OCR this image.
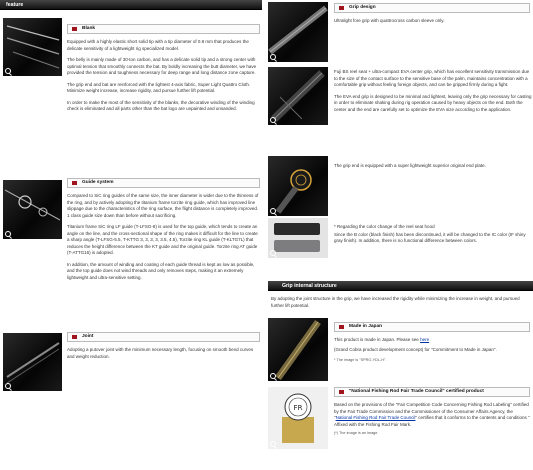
feature
Blank

Equipped with a highly elastic short solid tip with a tip diameter of 0.8 mm that produces the delicate sensitivity of a lightweight rig specialized model.

The belly is mainly made of 30-ton carbon, and has a delicate solid tip and a strong center with optimal tension that smoothly connects the bat. By boldly increasing the butt diameter, we have provided the tension and toughness necessary for deep range and long distance zone capture.

The grip end and bat are reinforced with the lightest 4-axis fabric, Super Light Quattro Cloth. Minimize weight increase, increase rigidity, and pursue further lift potential.

In order to make the most of the sensitivity of the blanks, the decorative winding of the winding check is eliminated and all parts other than the bat logo are unpainted and unsanded.

Guide system

Compared to SiC ring guides of the same size, the inner diameter is wider due to the thinness of the ring, and by actively adopting the titanium frame torzite ring guide, which has improved line slippage due to the characteristics of the ring surface, the flight distance is completely improved. 1 class guide size down than before without sacrificing.

Titanium frame SiC ring LF guide (T-LFSG-8) is used for the top guide, which tends to create an angle on the line, and the cross-sectional shape of the ring makes it difficult for the line to create a sharp angle (T-LFSG-5.5, T-KTTG 3, 3, 3, 3, 3.5, 4.5), Torzite ring KL guide (T-KLTG7L) that reduces the height difference between the KT guide and the original guide. Torzite ring AT guide (T-ATTG16) is adopted.

In addition, the amount of winding and coating of each guide thread is kept as low as possible, and the top guide does not wind threads and only removes steps, making it an extremely lightweight and ultra-sensitive setting.

Joint

Adopting a putover joint with the minimum necessary length, focusing on smooth bend curves and weight reduction.

Grip design

Ultralight fore grip with quattrocross carbon sleeve only.

Fuji BS reel seat + ultra-compact EVA center grip, which has excellent sensitivity transmission due to the size of the contact surface to the sensitive base of the palm, maintains concentration with a comfortable grip without feeling foreign objects, and can be gripped firmly during a fight.

The EVA end grip is designed to be minimal and lightest, leaving only the grip necessary for casting in order to eliminate shaking during rig operation caused by heavy objects on the end. Both the center and the end are carefully set to optimize the EVA size according to the application.

The grip end is equipped with a super lightweight superior original end plate.

* Regarding the color change of the reel seat hood

Since the B color (black finish) has been discontinued, it will be changed to the IC color (IF shiny gray finish). In addition, there is no functional difference between colors.

Grip internal structure

By adopting the joint structure in the grip, we have increased the rigidity while minimizing the increase in weight, and pursued further lift potential.

Made in Japan

This product is made in Japan. Please see here

(Grand Cobra product development concept) for "Commitment to Made in Japan".

* The image is "SPRO-YDL-H".

FR
"National Fishing Rod Fair Trade Council" certified product

Based on the provisions of the "Fair Competition Code Concerning Fishing Rod Labeling" certified by the Fair Trade Commission and the Commissioner of the Consumer Affairs Agency, the "National Fishing Rod Fair Trade Council" certifies that it conforms to the contents and conditions " Affixed with the Fishing Rod Fair Mark.

(*) The image is an image.
